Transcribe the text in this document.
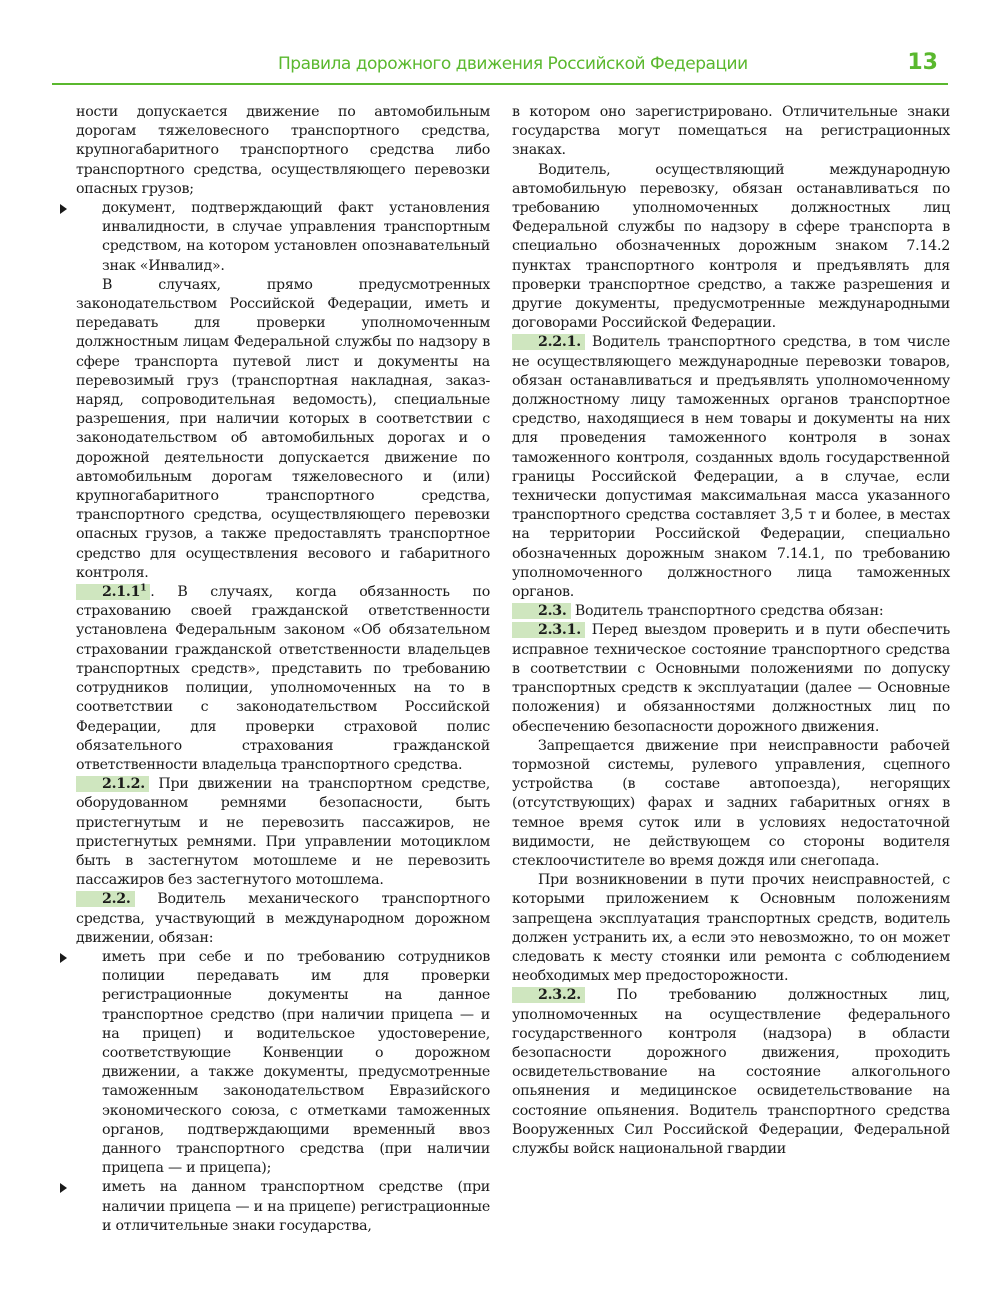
Правила дорожного движения Российской Федерации	13

ности допускается движение по автомобильным дорогам тяжеловесного транспортного средства, крупногабаритного транспортного средства либо транспортного средства, осуществляющего перевозки опасных грузов;

документ, подтверждающий факт установления инвалидности, в случае управления транспортным средством, на котором установлен опознавательный знак «Инвалид».

В случаях, прямо предусмотренных законодательством Российской Федерации, иметь и передавать для проверки уполномоченным должностным лицам Федеральной службы по надзору в сфере транспорта путевой лист и документы на перевозимый груз (транспортная накладная, заказ-наряд, сопроводительная ведомость), специальные разрешения, при наличии которых в соответствии с законодательством об автомобильных дорогах и о дорожной деятельности допускается движение по автомобильным дорогам тяжеловесного и (или) крупногабаритного транспортного средства, транспортного средства, осуществляющего перевозки опасных грузов, а также предоставлять транспортное средство для осуществления весового и габаритного контроля.

2.1.1$^1$ . В случаях, когда обязанность по страхованию своей гражданской ответственности установлена Федеральным законом «Об обязательном страховании гражданской ответственности владельцев транспортных средств», представить по требованию сотрудников полиции, уполномоченных на то в соответствии с законодательством Российской Федерации, для проверки страховой полис обязательного страхования гражданской ответственности владельца транспортного средства.

2.1.2. При движении на транспортном средстве, оборудованном ремнями безопасности, быть пристегнутым и не перевозить пассажиров, не пристегнутых ремнями. При управлении мотоциклом быть в застегнутом мотошлеме и не перевозить пассажиров без застегнутого мотошлема.

2.2. Водитель механического транспортного средства, участвующий в международном дорожном движении, обязан:

иметь при себе и по требованию сотрудников полиции передавать им для проверки регистрационные документы на данное транспортное средство (при наличии прицепа — и на прицеп) и водительское удостоверение, соответствующие Конвенции о дорожном движении, а также документы, предусмотренные таможенным законодательством Евразийского экономического союза, с отметками таможенных органов, подтверждающими временный ввоз данного транспортного средства (при наличии прицепа — и прицепа);

иметь на данном транспортном средстве (при наличии прицепа — и на прицепе) регистрационные и отличительные знаки государства,

в котором оно зарегистрировано. Отличительные знаки государства могут помещаться на регистрационных знаках.

Водитель, осуществляющий международную автомобильную перевозку, обязан останавливаться по требованию уполномоченных должностных лиц Федеральной службы по надзору в сфере транспорта в специально обозначенных дорожным знаком 7.14.2 пунктах транспортного контроля и предъявлять для проверки транспортное средство, а также разрешения и другие документы, предусмотренные международными договорами Российской Федерации.

2.2.1. Водитель транспортного средства, в том числе не осуществляющего международные перевозки товаров, обязан останавливаться и предъявлять уполномоченному должностному лицу таможенных органов транспортное средство, находящиеся в нем товары и документы на них для проведения таможенного контроля в зонах таможенного контроля, созданных вдоль государственной границы Российской Федерации, а в случае, если технически допустимая максимальная масса указанного транспортного средства составляет 3,5 т и более, в местах на территории Российской Федерации, специально обозначенных дорожным знаком 7.14.1, по требованию уполномоченного должностного лица таможенных органов.

2.3. Водитель транспортного средства обязан:

2.3.1. Перед выездом проверить и в пути обеспечить исправное техническое состояние транспортного средства в соответствии с Основными положениями по допуску транспортных средств к эксплуатации (далее — Основные положения) и обязанностями должностных лиц по обеспечению безопасности дорожного движения.

Запрещается движение при неисправности рабочей тормозной системы, рулевого управления, сцепного устройства (в составе автопоезда), негорящих (отсутствующих) фарах и задних габаритных огнях в темное время суток или в условиях недостаточной видимости, не действующем со стороны водителя стеклоочистителе во время дождя или снегопада.

При возникновении в пути прочих неисправностей, с которыми приложением к Основным положениям запрещена эксплуатация транспортных средств, водитель должен устранить их, а если это невозможно, то он может следовать к месту стоянки или ремонта с соблюдением необходимых мер предосторожности.

2.3.2. По требованию должностных лиц, уполномоченных на осуществление федерального государственного контроля (надзора) в области безопасности дорожного движения, проходить освидетельствование на состояние алкогольного опьянения и медицинское освидетельствование на состояние опьянения. Водитель транспортного средства Вооруженных Сил Российской Федерации, Федеральной службы войск национальной гвардии
